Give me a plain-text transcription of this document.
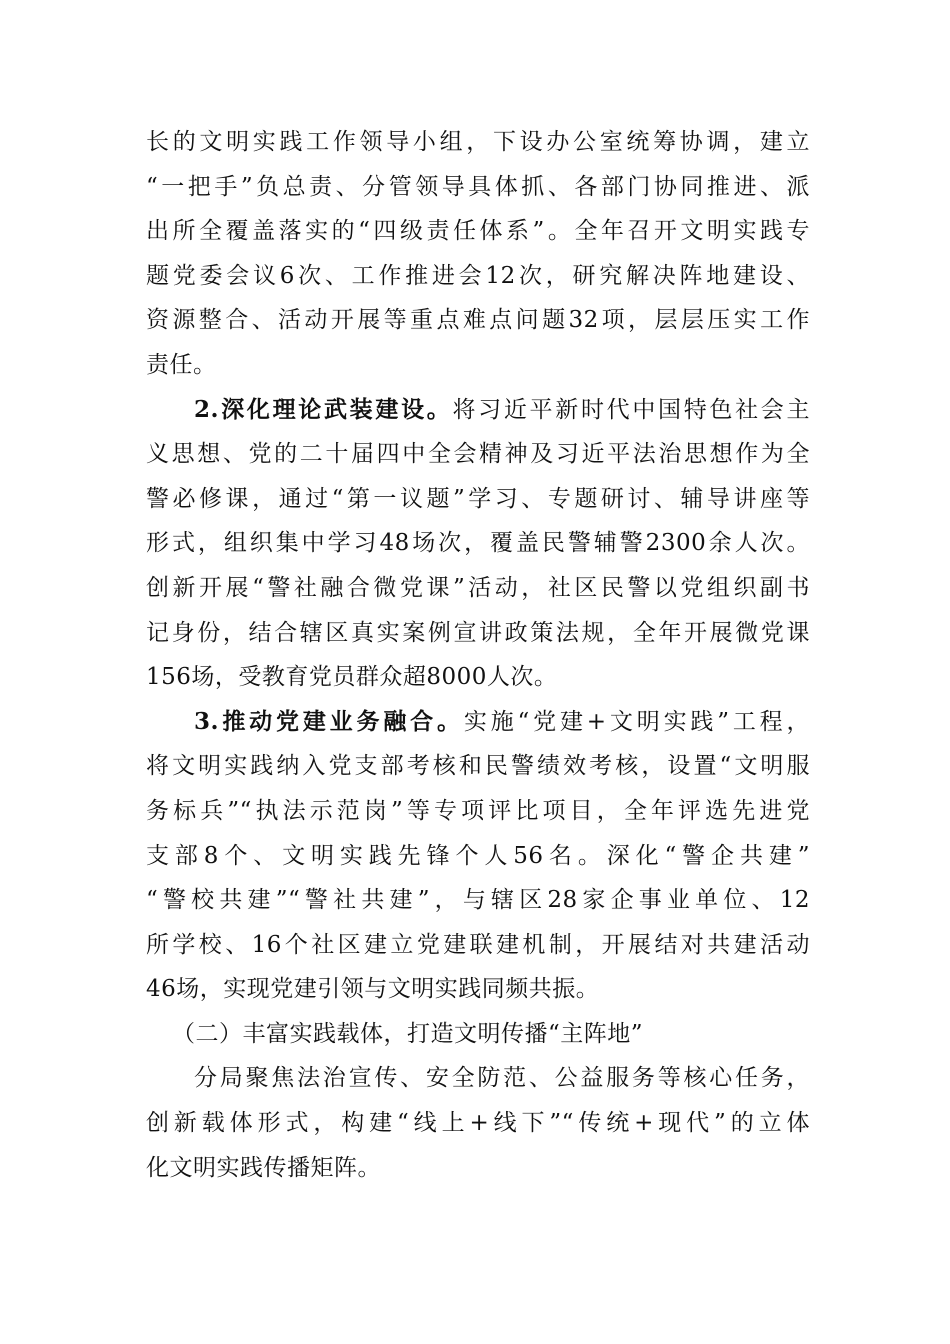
长的文明实践工作领导小组，下设办公室统筹协调，建立
“一把手”负总责、分管领导具体抓、各部门协同推进、派
出所全覆盖落实的“四级责任体系”。全年召开文明实践专
题党委会议6次、工作推进会12次，研究解决阵地建设、
资源整合、活动开展等重点难点问题32项，层层压实工作
责任。
2.深化理论武装建设。将习近平新时代中国特色社会主
义思想、党的二十届四中全会精神及习近平法治思想作为全
警必修课，通过“第一议题”学习、专题研讨、辅导讲座等
形式，组织集中学习48场次，覆盖民警辅警2300余人次。
创新开展“警社融合微党课”活动，社区民警以党组织副书
记身份，结合辖区真实案例宣讲政策法规，全年开展微党课
156场，受教育党员群众超8000人次。
3.推动党建业务融合。实施“党建+文明实践”工程，
将文明实践纳入党支部考核和民警绩效考核，设置“文明服
务标兵”“执法示范岗”等专项评比项目，全年评选先进党
支部8个、文明实践先锋个人56名。深化“警企共建”
“警校共建”“警社共建”，与辖区28家企事业单位、12
所学校、16个社区建立党建联建机制，开展结对共建活动
46场，实现党建引领与文明实践同频共振。
（二）丰富实践载体，打造文明传播“主阵地”
分局聚焦法治宣传、安全防范、公益服务等核心任务，
创新载体形式，构建“线上+线下”“传统+现代”的立体
化文明实践传播矩阵。
